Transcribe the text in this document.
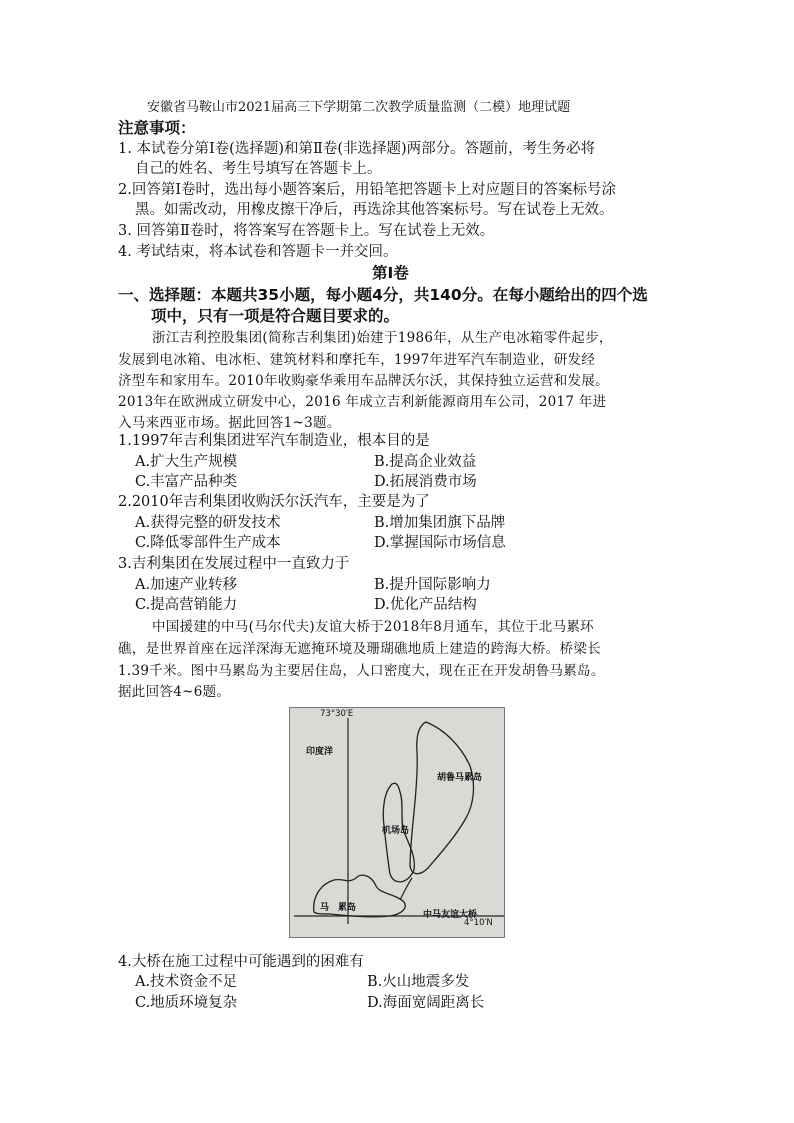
安徽省马鞍山市2021届高三下学期第二次教学质量监测（二模）地理试题
注意事项：
1. 本试卷分第Ⅰ卷(选择题)和第Ⅱ卷(非选择题)两部分。答题前，考生务必将
自己的姓名、考生号填写在答题卡上。
2.回答第Ⅰ卷时，选出每小题答案后，用铅笔把答题卡上对应题目的答案标号涂
黑。如需改动，用橡皮擦干净后，再选涂其他答案标号。写在试卷上无效。
3. 回答第Ⅱ卷时，将答案写在答题卡上。写在试卷上无效。
4. 考试结束，将本试卷和答题卡一并交回。
第Ⅰ卷
一、选择题：本题共35小题，每小题4分，共140分。在每小题给出的四个选
项中，只有一项是符合题目要求的。
浙江吉利控股集团(简称吉利集团)始建于1986年，从生产电冰箱零件起步，
发展到电冰箱、电冰柜、建筑材料和摩托车，1997年进军汽车制造业，研发经
济型车和家用车。2010年收购豪华乘用车品牌沃尔沃，其保持独立运营和发展。
2013年在欧洲成立研发中心，2016 年成立吉利新能源商用车公司，2017 年进
入马来西亚市场。据此回答1~3题。
1.1997年吉利集团进军汽车制造业，根本目的是
A.扩大生产规模	B.提高企业效益
C.丰富产品种类	D.拓展消费市场
2.2010年吉利集团收购沃尔沃汽车，主要是为了
A.获得完整的研发技术	B.增加集团旗下品牌
C.降低零部件生产成本	D.掌握国际市场信息
3.吉利集团在发展过程中一直致力于
A.加速产业转移	B.提升国际影响力
C.提高营销能力	D.优化产品结构
中国援建的中马(马尔代夫)友谊大桥于2018年8月通车，其位于北马累环
礁，是世界首座在远洋深海无遮掩环境及珊瑚礁地质上建造的跨海大桥。桥梁长
1.39千米。图中马累岛为主要居住岛，人口密度大，现在正在开发胡鲁马累岛。
据此回答4~6题。
73°30′E
4°10′N
印度洋
胡鲁马累岛
机场岛
马　累岛
中马友谊大桥
4.大桥在施工过程中可能遇到的困难有
A.技术资金不足	B.火山地震多发
C.地质环境复杂	D.海面宽阔距离长
